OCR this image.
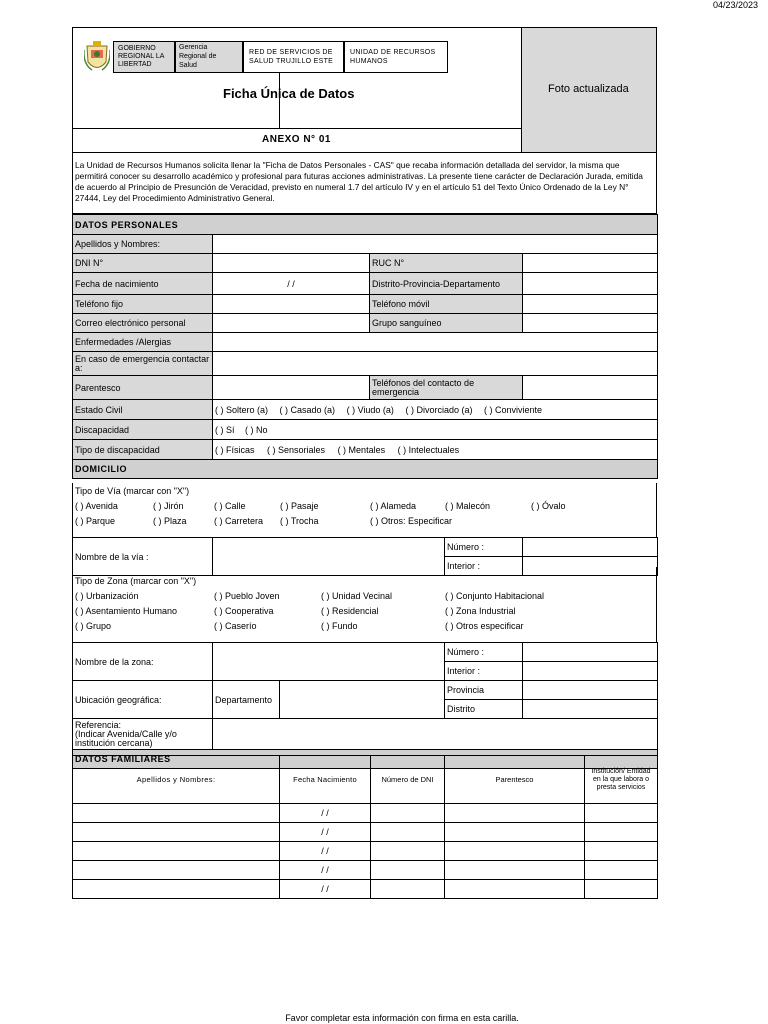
04/23/2023
Foto actualizada
GOBIERNO REGIONAL LA LIBERTAD
Gerencia Regional de Salud
RED DE SERVICIOS DE SALUD TRUJILLO ESTE
UNIDAD DE RECURSOS HUMANOS
Ficha Única de Datos
ANEXO N° 01
La Unidad de Recursos Humanos solicita llenar la "Ficha de Datos Personales - CAS" que recaba información detallada del servidor, la misma que permitirá conocer su desarrollo académico y profesional para futuras acciones administrativas. La presente tiene carácter de Declaración Jurada, emitida de acuerdo al Principio de Presunción de Veracidad, previsto en numeral 1.7 del artículo IV y en el artículo 51 del Texto Único Ordenado de la Ley N° 27444, Ley del Procedimiento Administrativo General.
DATOS PERSONALES			
Apellidos y Nombres:			
DNI N°		RUC N°	
Fecha de nacimiento	/ /	Distrito-Provincia-Departamento	
Teléfono fijo		Teléfono móvil	
Correo electrónico personal		Grupo sanguíneo	
Enfermedades /Alergias			
En caso de emergencia contactar a:			
Parentesco		Teléfonos del contacto de emergencia	
Estado Civil	( ) Soltero (a) ( ) Casado (a) ( ) Viudo (a) ( ) Divorciado (a) ( ) Conviviente		
Discapacidad	( ) Sí ( ) No		
Tipo de discapacidad	( ) Físicas ( ) Sensoriales ( ) Mentales ( ) Intelectuales		
DOMICILIO			
Tipo de Vía (marcar con "X")
( ) Avenida	( ) Jirón	( ) Calle	( ) Pasaje	( ) Alameda	( ) Malecón	( ) Óvalo
( ) Parque	( ) Plaza	( ) Carretera ( ) Trocha	( ) Otros: Especificar
Nombre de la vía :		Número :	
		Interior :	
Tipo de Zona (marcar con "X")
( ) Urbanización	( ) Pueblo Joven	( ) Unidad Vecinal	( ) Conjunto Habitacional
( ) Asentamiento Humano	( ) Cooperativa	( ) Residencial	( ) Zona Industrial
( ) Grupo	( ) Caserío	( ) Fundo	( ) Otros especificar
Nombre de la zona:			Número :	
			Interior :	
Ubicación geográfica:	Departamento		Provincia	
			Distrito	
Referencia:
(Indicar Avenida/Calle y/o institución cercana)				
DATOS FAMILIARES				
Apellidos y Nombres:	Fecha Nacimiento	Número de DNI	Parentesco	Institución/ Entidad en la que labora o presta servicios
	/ /			
	/ /			
	/ /			
	/ /			
	/ /			
Favor completar esta información con firma en esta carilla.
